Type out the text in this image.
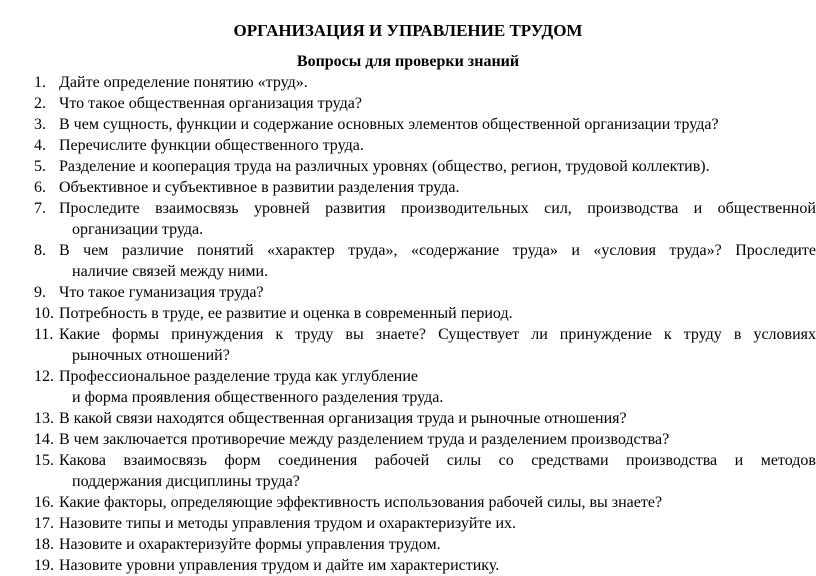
ОРГАНИЗАЦИЯ И УПРАВЛЕНИЕ ТРУДОМ
Вопросы для проверки знаний
1. Дайте определение понятию «труд».
2. Что такое общественная организация труда?
3. В чем сущность, функции и содержание основных элементов общественной организации труда?
4. Перечислите функции общественного труда.
5. Разделение и кооперация труда на различных уровнях (общество, регион, трудовой коллектив).
6. Объективное и субъективное в развитии разделения труда.
7. Проследите взаимосвязь уровней развития производительных сил, производства и общественной
организации труда.
8. В чем различие понятий «характер труда», «содержание труда» и «условия труда»? Проследите
наличие связей между ними.
9. Что такое гуманизация труда?
10. Потребность в труде, ее развитие и оценка в современный период.
11. Какие формы принуждения к труду вы знаете? Существует ли принуждение к труду в условиях
рыночных отношений?
12. Профессиональное разделение труда как углубление
и форма проявления общественного разделения труда.
13. В какой связи находятся общественная организация труда и рыночные отношения?
14. В чем заключается противоречие между разделением труда и разделением производства?
15. Какова взаимосвязь форм соединения рабочей силы со средствами производства и методов
поддержания дисциплины труда?
16. Какие факторы, определяющие эффективность использования рабочей силы, вы знаете?
17. Назовите типы и методы управления трудом и охарактеризуйте их.
18. Назовите и охарактеризуйте формы управления трудом.
19. Назовите уровни управления трудом и дайте им характеристику.
